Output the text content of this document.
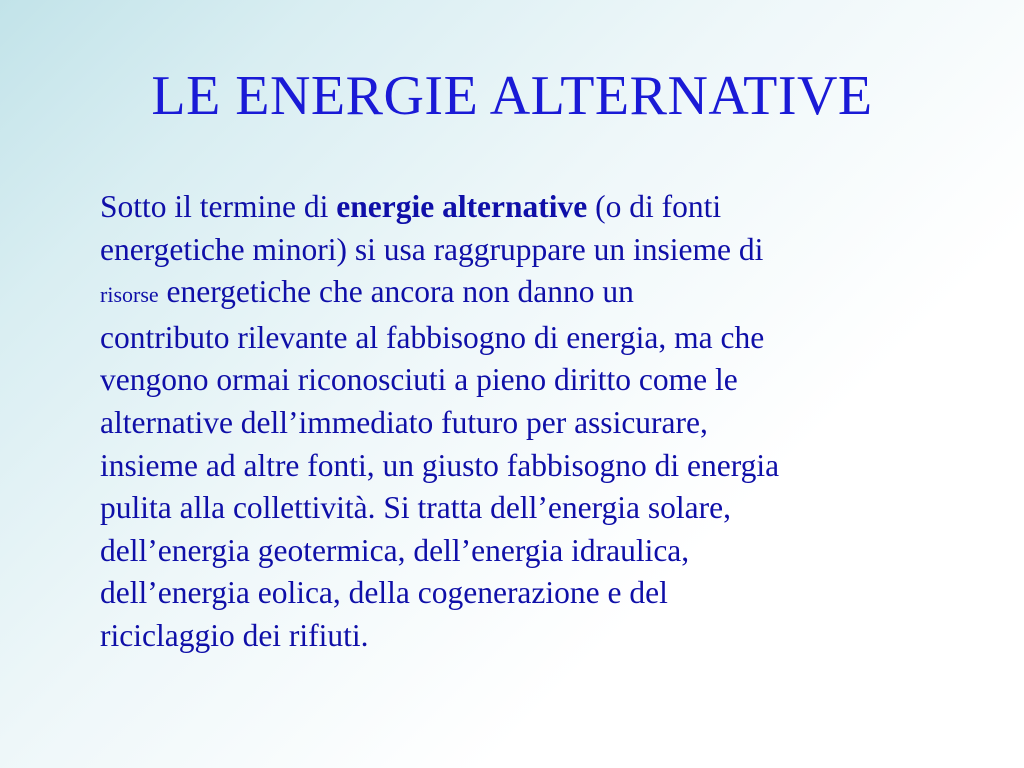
LE ENERGIE ALTERNATIVE
Sotto il termine di energie alternative (o di fonti
energetiche minori) si usa raggruppare un insieme di
risorse energetiche che ancora non danno un
contributo rilevante al fabbisogno di energia, ma che
vengono ormai riconosciuti a pieno diritto come le
alternative dell’immediato futuro per assicurare,
insieme ad altre fonti, un giusto fabbisogno di energia
pulita alla collettività. Si tratta dell’energia solare,
dell’energia geotermica, dell’energia idraulica,
dell’energia eolica, della cogenerazione e del
riciclaggio dei rifiuti.
